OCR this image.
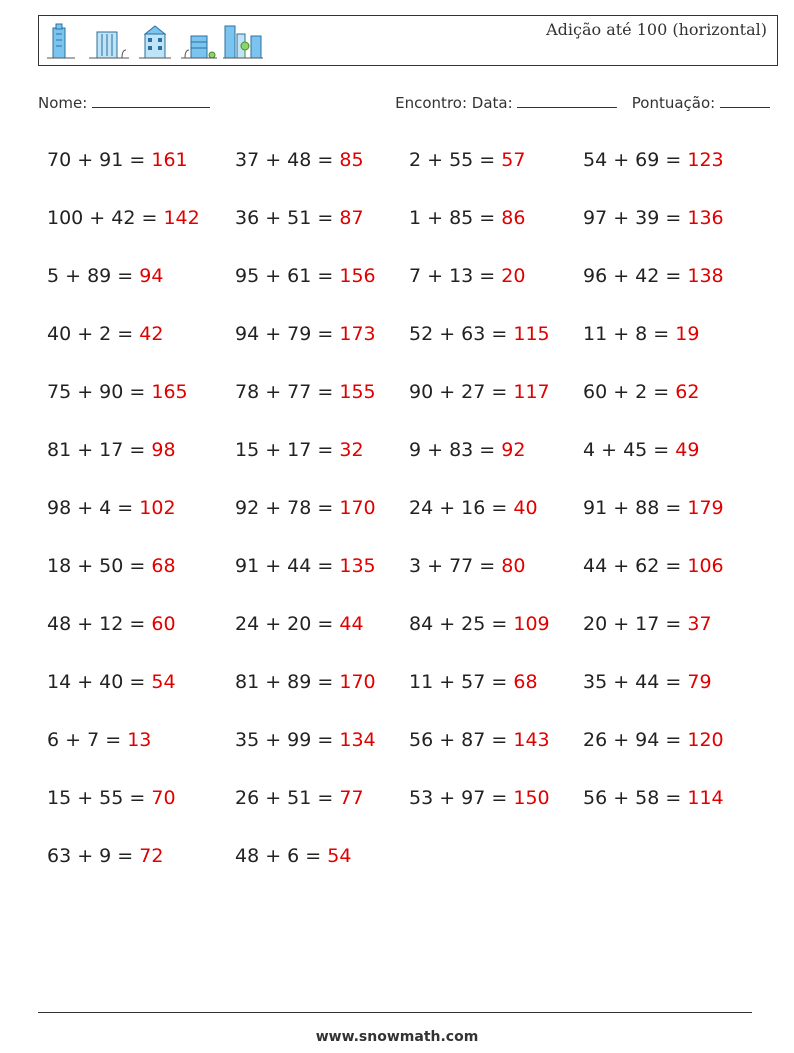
Adição até 100 (horizontal)
Nome:	Encontro: Data:	Pontuação:
70 + 91 = 161
100 + 42 = 142
5 + 89 = 94
40 + 2 = 42
75 + 90 = 165
81 + 17 = 98
98 + 4 = 102
18 + 50 = 68
48 + 12 = 60
14 + 40 = 54
6 + 7 = 13
15 + 55 = 70
63 + 9 = 72
37 + 48 = 85
36 + 51 = 87
95 + 61 = 156
94 + 79 = 173
78 + 77 = 155
15 + 17 = 32
92 + 78 = 170
91 + 44 = 135
24 + 20 = 44
81 + 89 = 170
35 + 99 = 134
26 + 51 = 77
48 + 6 = 54
2 + 55 = 57
1 + 85 = 86
7 + 13 = 20
52 + 63 = 115
90 + 27 = 117
9 + 83 = 92
24 + 16 = 40
3 + 77 = 80
84 + 25 = 109
11 + 57 = 68
56 + 87 = 143
53 + 97 = 150
54 + 69 = 123
97 + 39 = 136
96 + 42 = 138
11 + 8 = 19
60 + 2 = 62
4 + 45 = 49
91 + 88 = 179
44 + 62 = 106
20 + 17 = 37
35 + 44 = 79
26 + 94 = 120
56 + 58 = 114
www.snowmath.com
